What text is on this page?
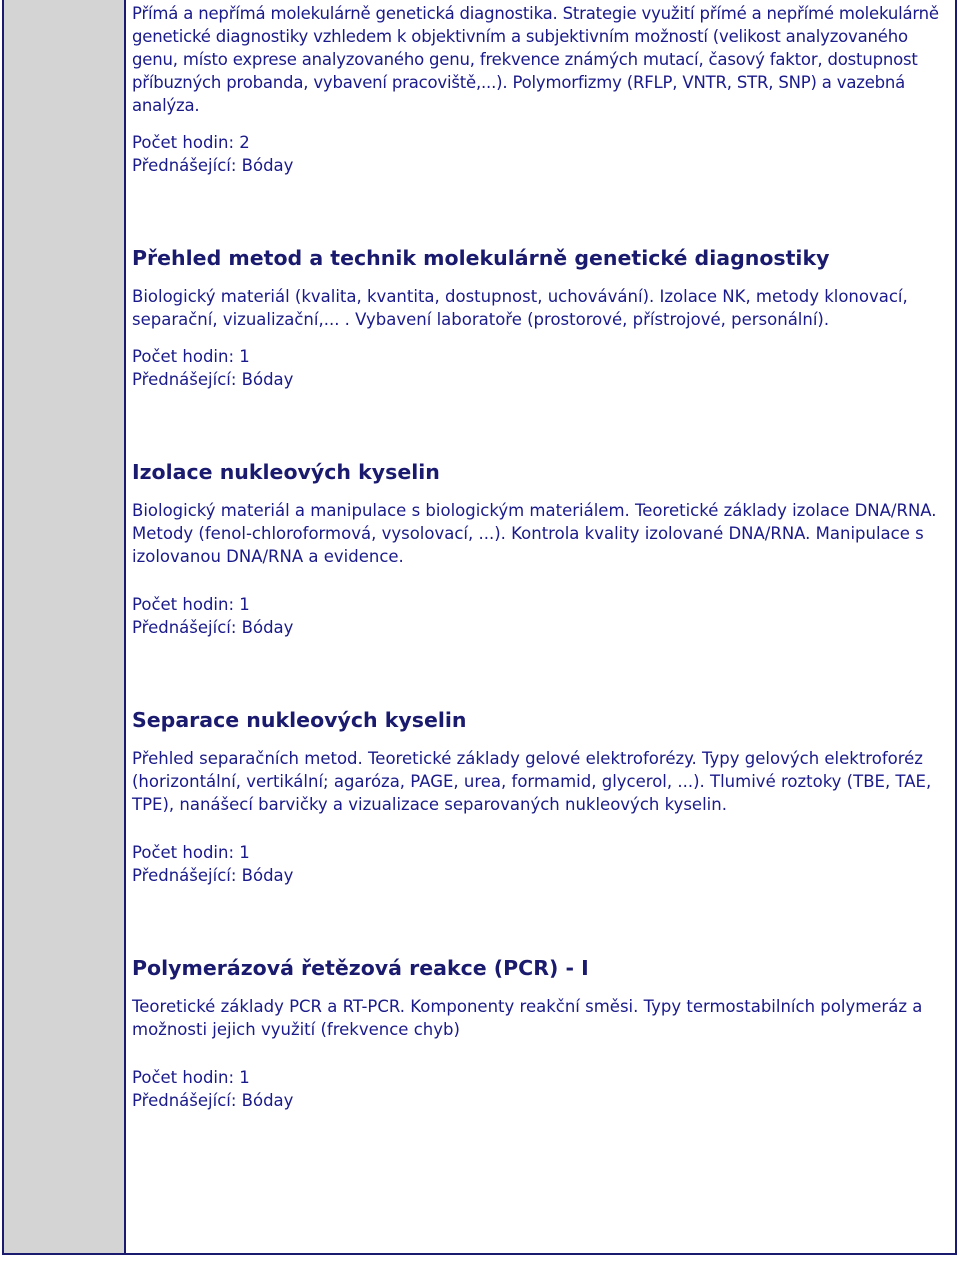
Přímá a nepřímá molekulárně genetická diagnostika. Strategie využití přímé a nepřímé molekulárně genetické diagnostiky vzhledem k objektivním a subjektivním možností (velikost analyzovaného genu, místo exprese analyzovaného genu, frekvence známých mutací, časový faktor, dostupnost příbuzných probanda, vybavení pracoviště,...). Polymorfizmy (RFLP, VNTR, STR, SNP) a vazebná analýza.

Počet hodin: 2

Přednášející: Bóday

Přehled metod a technik molekulárně genetické diagnostiky

Biologický materiál (kvalita, kvantita, dostupnost, uchovávání). Izolace NK, metody klonovací, separační, vizualizační,... . Vybavení laboratoře (prostorové, přístrojové, personální).

Počet hodin: 1

Přednášející: Bóday

Izolace nukleových kyselin

Biologický materiál a manipulace s biologickým materiálem. Teoretické základy izolace DNA/RNA. Metody (fenol-chloroformová, vysolovací, ...). Kontrola kvality izolované DNA/RNA. Manipulace s izolovanou DNA/RNA a evidence.

Počet hodin: 1

Přednášející: Bóday

Separace nukleových kyselin

Přehled separačních metod. Teoretické základy gelové elektroforézy. Typy gelových elektroforéz (horizontální, vertikální; agaróza, PAGE, urea, formamid, glycerol, ...). Tlumivé roztoky (TBE, TAE, TPE), nanášecí barvičky a vizualizace separovaných nukleových kyselin.

Počet hodin: 1

Přednášející: Bóday

Polymerázová řetězová reakce (PCR) - I

Teoretické základy PCR a RT-PCR. Komponenty reakční směsi. Typy termostabilních polymeráz a možnosti jejich využití (frekvence chyb)

Počet hodin: 1

Přednášející: Bóday
